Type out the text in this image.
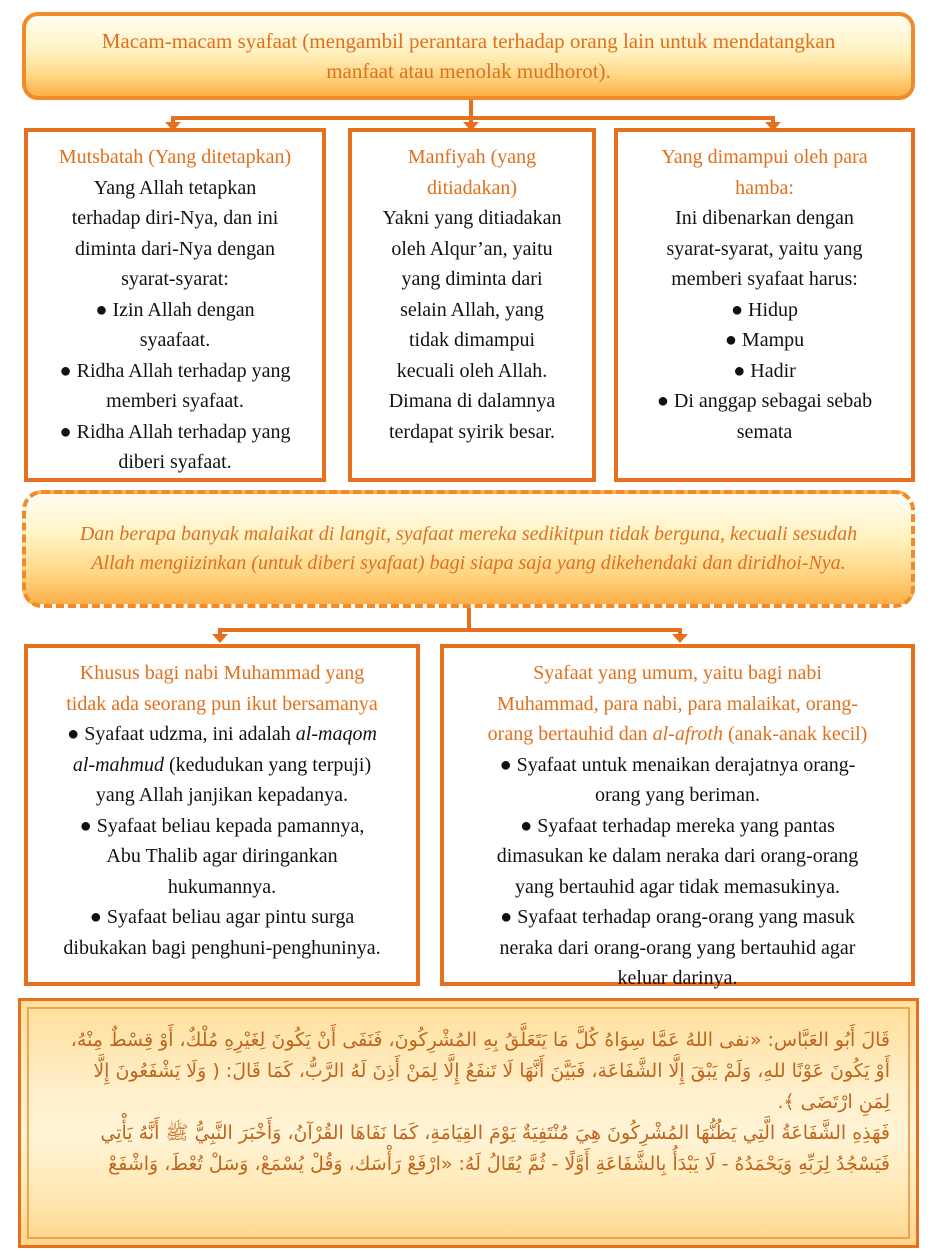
Macam-macam syafaat (mengambil perantara terhadap orang lain untuk mendatangkan manfaat atau menolak mudhorot).
Mutsbatah (Yang ditetapkan)
Yang Allah tetapkan
terhadap diri-Nya, dan ini
diminta dari-Nya dengan
syarat-syarat:
● Izin Allah dengan
syaafaat.
● Ridha Allah terhadap yang
memberi syafaat.
● Ridha Allah terhadap yang
diberi syafaat.
Manfiyah (yang
ditiadakan)
Yakni yang ditiadakan
oleh Alqur’an, yaitu
yang diminta dari
selain Allah, yang
tidak dimampui
kecuali oleh Allah.
Dimana di dalamnya
terdapat syirik besar.
Yang dimampui oleh para
hamba:
Ini dibenarkan dengan
syarat-syarat, yaitu yang
memberi syafaat harus:
● Hidup
● Mampu
● Hadir
● Di anggap sebagai sebab
semata
Dan berapa banyak malaikat di langit, syafaat mereka sedikitpun tidak berguna, kecuali sesudah Allah mengiizinkan (untuk diberi syafaat) bagi siapa saja yang dikehendaki dan diridhoi-Nya.
Khusus bagi nabi Muhammad yang
tidak ada seorang pun ikut bersamanya
● Syafaat udzma, ini adalah al-maqom
al-mahmud (kedudukan yang terpuji)
yang Allah janjikan kepadanya.
● Syafaat beliau kepada pamannya,
Abu Thalib agar diringankan
hukumannya.
● Syafaat beliau agar pintu surga
dibukakan bagi penghuni-penghuninya.
Syafaat yang umum, yaitu bagi nabi
Muhammad, para nabi, para malaikat, orang-
orang bertauhid dan al-afroth (anak-anak kecil)
● Syafaat untuk menaikan derajatnya orang-
orang yang beriman.
● Syafaat terhadap mereka yang pantas
dimasukan ke dalam neraka dari orang-orang
yang bertauhid agar tidak memasukinya.
● Syafaat terhadap orang-orang yang masuk
neraka dari orang-orang yang bertauhid agar
keluar darinya.
قَالَ أَبُو العَبَّاس: «نفى اللهُ عَمَّا سِوَاهُ كُلَّ مَا يَتَعَلَّقُ بِهِ المُشْرِكُونَ، فَنَفَى أَنْ يَكُونَ لِغَيْرِهِ مُلْكٌ، أَوْ قِسْطٌ مِنْهُ،
أَوْ يَكُونَ عَوْنًا للهِ، وَلَمْ يَبْقَ إِلَّا الشَّفَاعَة، فَبَيَّنَ أَنَّهَا لَا تَنفَعُ إِلَّا لِمَنْ أَذِنَ لَهُ الرَّبُّ، كَمَا قَالَ: ( وَلَا يَشْفَعُونَ إِلَّا
لِمَنِ ارْتَضَى ﴾.
فَهَذِهِ الشَّفَاعَةُ الَّتِي يَظُنُّهَا المُشْرِكُونَ هِيَ مُنْتَفِيَةٌ يَوْمَ القِيَامَةِ، كَمَا نَفَاهَا القُرْآنُ، وَأَخْبَرَ النَّبِيُّ ﷺ أَنَّهُ يَأْتِي
فَيَسْجُدُ لِرَبِّهِ وَيَحْمَدُهُ - لَا يَبْدَأُ بِالشَّفَاعَةِ أَوَّلًا - ثُمَّ يُقَالُ لَهُ: «ارْفَعْ رَأْسَك، وَقُلْ يُسْمَعْ، وَسَلْ تُعْطَ، وَاشْفَعْ
